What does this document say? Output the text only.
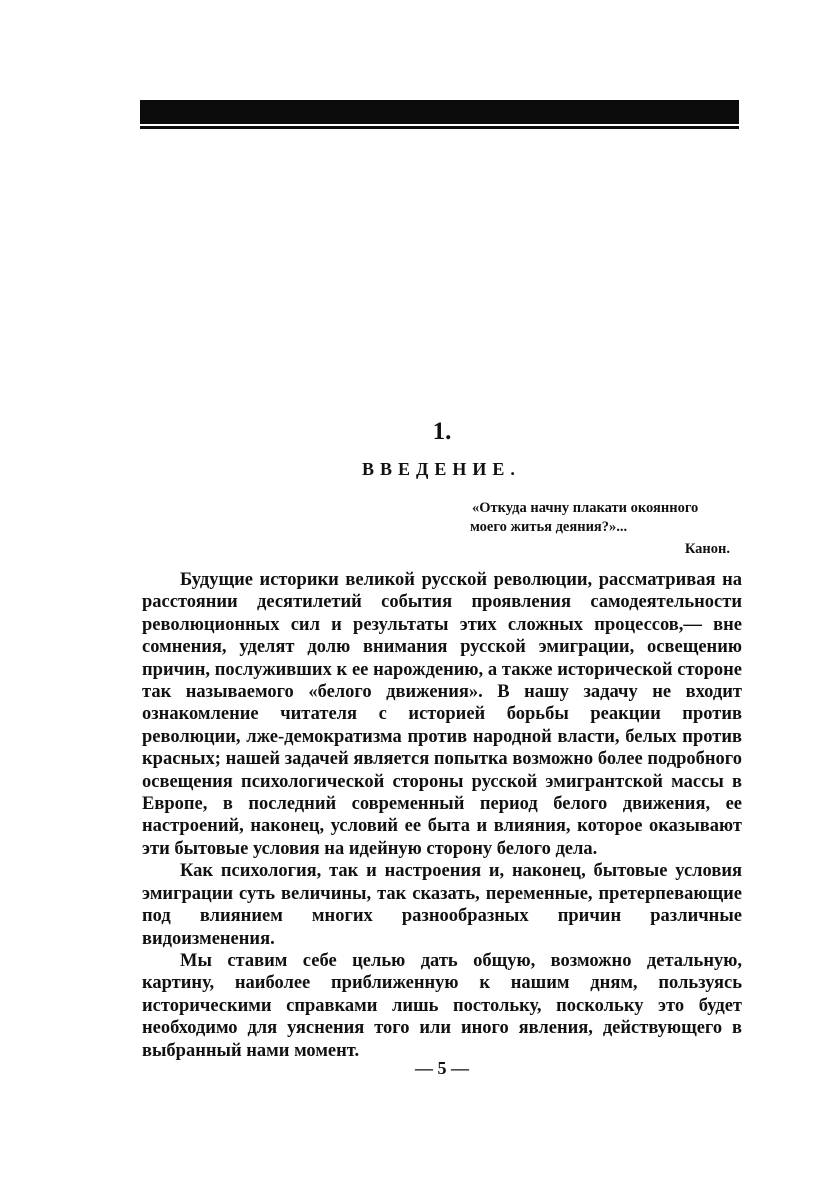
1.
ВВЕДЕНИЕ.
«Откуда начну плакати окоянного
моего житья деяния?»...
Канон.

Будущие историки великой русской революции, рассматривая на расстоянии десятилетий события проявления самодеятельности революционных сил и результаты этих сложных процессов,— вне сомнения, уделят долю внимания русской эмиграции, освещению причин, послуживших к ее нарождению, а также исторической стороне так называемого «белого движения». В нашу задачу не входит ознакомление читателя с историей борьбы реакции против революции, лже-демократизма против народной власти, белых против красных; нашей задачей является попытка возможно более подробного освещения психологической стороны русской эмигрантской массы в Европе, в последний современный период белого движения, ее настроений, наконец, условий ее быта и влияния, которое оказывают эти бытовые условия на идейную сторону белого дела.

Как психология, так и настроения и, наконец, бытовые условия эмиграции суть величины, так сказать, переменные, претерпевающие под влиянием многих разнообразных причин различные видоизменения.

Мы ставим себе целью дать общую, возможно детальную, картину, наиболее приближенную к нашим дням, пользуясь историческими справками лишь постольку, поскольку это будет необходимо для уяснения того или иного явления, действующего в выбранный нами момент.

— 5 —
